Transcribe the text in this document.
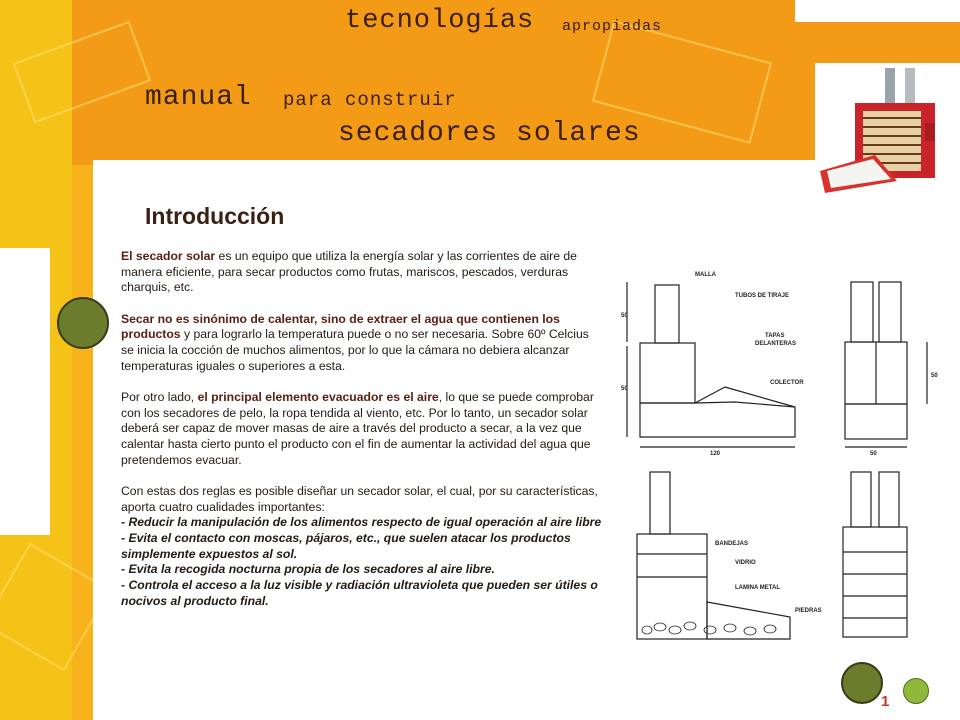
tecnologías apropiadas
manual para construir
secadores solares
Introducción

El secador solar es un equipo que utiliza la energía solar y las corrientes de aire de manera eficiente, para secar productos como frutas, mariscos, pescados, verduras charquis, etc.

Secar no es sinónimo de calentar, sino de extraer el agua que contienen los productos y para lograrlo la temperatura puede o no ser necesaria. Sobre 60º Celcius se inicia la cocción de muchos alimentos, por lo que la cámara no debiera alcanzar temperaturas iguales o superiores a esta.

Por otro lado, el principal elemento evacuador es el aire, lo que se puede comprobar con los secadores de pelo, la ropa tendida al viento, etc. Por lo tanto, un secador solar deberá ser capaz de mover masas de aire a través del producto a secar, a la vez que calentar hasta cierto punto el producto con el fin de aumentar la actividad del agua que pretendemos evacuar.

Con estas dos reglas es posible diseñar un secador solar, el cual, por su características, aporta cuatro cualidades importantes:
- Reducir la manipulación de los alimentos respecto de igual operación al aire libre
- Evita el contacto con moscas, pájaros, etc., que suelen atacar los productos simplemente expuestos al sol.
- Evita la recogida nocturna propia de los secadores al aire libre.
- Controla el acceso a la luz visible y radiación ultravioleta que pueden ser útiles o nocivos al producto final.
MALLA
TUBOS DE TIRAJE
TAPAS
DELANTERAS
COLECTOR
BANDEJAS
VIDRIO
LAMINA METAL
PIEDRAS
50
50
50
50
120
1
